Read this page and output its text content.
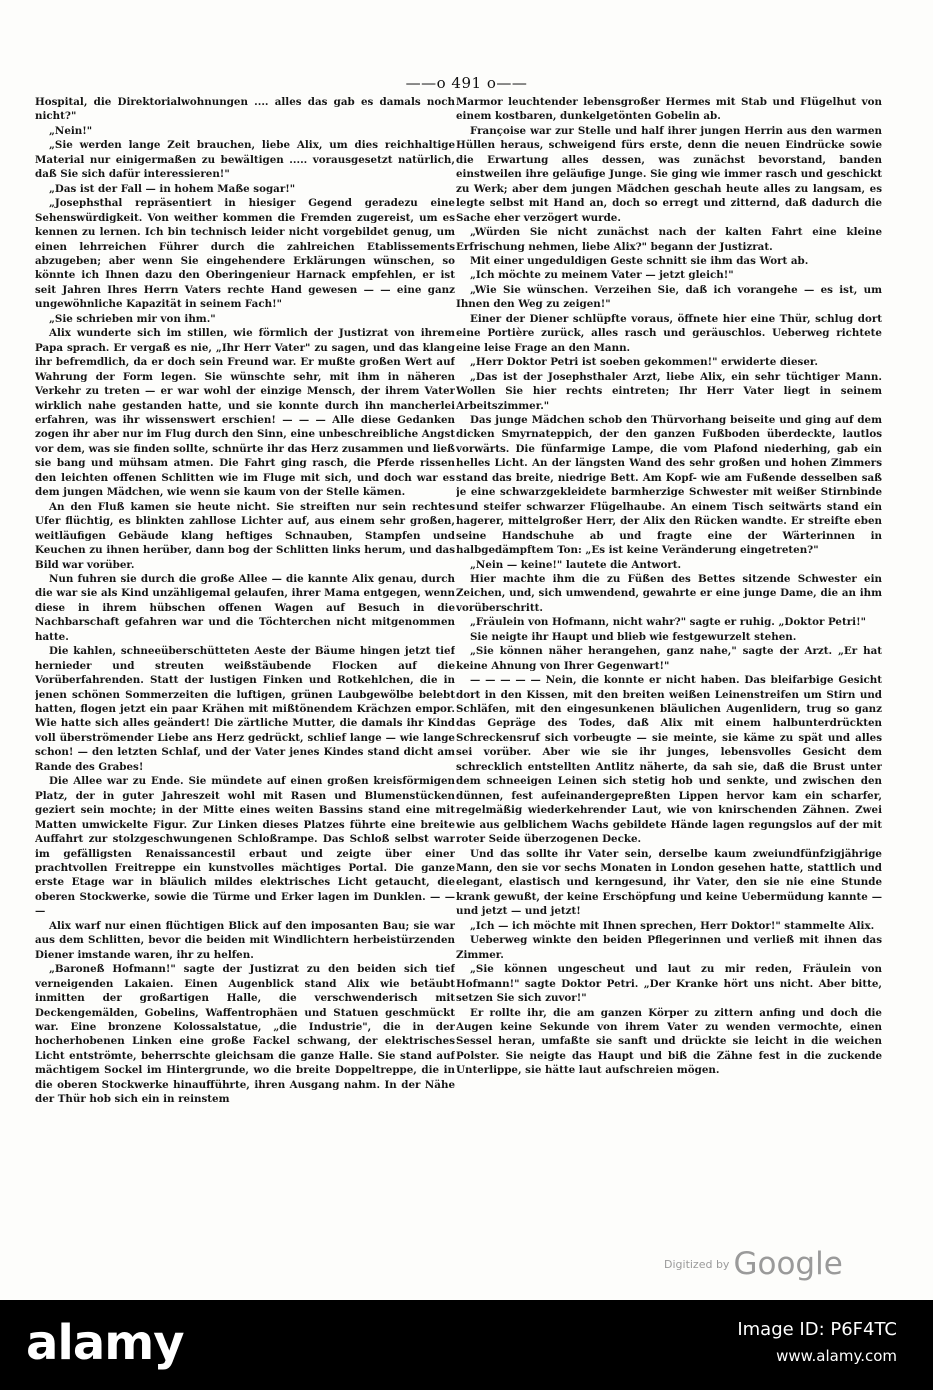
——o 491 o——

Hospital, die Direktorialwohnungen .... alles das gab es damals noch nicht?"

„Nein!"

„Sie werden lange Zeit brauchen, liebe Alix, um dies reichhaltige Material nur einigermaßen zu bewältigen ..... vorausgesetzt natürlich, daß Sie sich dafür interessieren!"

„Das ist der Fall — in hohem Maße sogar!"

„Josephsthal repräsentiert in hiesiger Gegend geradezu eine Sehenswürdigkeit. Von weither kommen die Fremden zugereist, um es kennen zu lernen. Ich bin technisch leider nicht vorgebildet genug, um einen lehrreichen Führer durch die zahlreichen Etablissements abzugeben; aber wenn Sie eingehendere Erklärungen wünschen, so könnte ich Ihnen dazu den Oberingenieur Harnack empfehlen, er ist seit Jahren Ihres Herrn Vaters rechte Hand gewesen — — eine ganz ungewöhnliche Kapazität in seinem Fach!"

„Sie schrieben mir von ihm."

Alix wunderte sich im stillen, wie förmlich der Justizrat von ihrem Papa sprach. Er vergaß es nie, „Ihr Herr Vater" zu sagen, und das klang ihr befremdlich, da er doch sein Freund war. Er mußte großen Wert auf Wahrung der Form legen. Sie wünschte sehr, mit ihm in näheren Verkehr zu treten — er war wohl der einzige Mensch, der ihrem Vater wirklich nahe gestanden hatte, und sie konnte durch ihn mancherlei erfahren, was ihr wissenswert erschien! — — — Alle diese Gedanken zogen ihr aber nur im Flug durch den Sinn, eine unbeschreibliche Angst vor dem, was sie finden sollte, schnürte ihr das Herz zusammen und ließ sie bang und mühsam atmen. Die Fahrt ging rasch, die Pferde rissen den leichten offenen Schlitten wie im Fluge mit sich, und doch war es dem jungen Mädchen, wie wenn sie kaum von der Stelle kämen.

An den Fluß kamen sie heute nicht. Sie streiften nur sein rechtes Ufer flüchtig, es blinkten zahllose Lichter auf, aus einem sehr großen, weitläufigen Gebäude klang heftiges Schnauben, Stampfen und Keuchen zu ihnen herüber, dann bog der Schlitten links herum, und das Bild war vorüber.

Nun fuhren sie durch die große Allee — die kannte Alix genau, durch die war sie als Kind unzähligemal gelaufen, ihrer Mama entgegen, wenn diese in ihrem hübschen offenen Wagen auf Besuch in die Nachbarschaft gefahren war und die Töchterchen nicht mitgenommen hatte.

Die kahlen, schneeüberschütteten Aeste der Bäume hingen jetzt tief hernieder und streuten weißstäubende Flocken auf die Vorüberfahrenden. Statt der lustigen Finken und Rotkehlchen, die in jenen schönen Sommerzeiten die luftigen, grünen Laubgewölbe belebt hatten, flogen jetzt ein paar Krähen mit mißtönendem Krächzen empor. Wie hatte sich alles geändert! Die zärtliche Mutter, die damals ihr Kind voll überströmender Liebe ans Herz gedrückt, schlief lange — wie lange schon! — den letzten Schlaf, und der Vater jenes Kindes stand dicht am Rande des Grabes!

Die Allee war zu Ende. Sie mündete auf einen großen kreisförmigen Platz, der in guter Jahreszeit wohl mit Rasen und Blumenstücken geziert sein mochte; in der Mitte eines weiten Bassins stand eine mit Matten umwickelte Figur. Zur Linken dieses Platzes führte eine breite Auffahrt zur stolzgeschwungenen Schloßrampe. Das Schloß selbst war im gefälligsten Renaissancestil erbaut und zeigte über einer prachtvollen Freitreppe ein kunstvolles mächtiges Portal. Die ganze erste Etage war in bläulich mildes elektrisches Licht getaucht, die oberen Stockwerke, sowie die Türme und Erker lagen im Dunklen. — — —

Alix warf nur einen flüchtigen Blick auf den imposanten Bau; sie war aus dem Schlitten, bevor die beiden mit Windlichtern herbeistürzenden Diener imstande waren, ihr zu helfen.

„Baroneß Hofmann!" sagte der Justizrat zu den beiden sich tief verneigenden Lakaien. Einen Augenblick stand Alix wie betäubt inmitten der großartigen Halle, die verschwenderisch mit Deckengemälden, Gobelins, Waffentrophäen und Statuen geschmückt war. Eine bronzene Kolossalstatue, „die Industrie", die in der hocherhobenen Linken eine große Fackel schwang, der elektrisches Licht entströmte, beherrschte gleichsam die ganze Halle. Sie stand auf mächtigem Sockel im Hintergrunde, wo die breite Doppeltreppe, die in die oberen Stockwerke hinaufführte, ihren Ausgang nahm. In der Nähe der Thür hob sich ein in reinstem

Marmor leuchtender lebensgroßer Hermes mit Stab und Flügelhut von einem kostbaren, dunkelgetönten Gobelin ab.

Françoise war zur Stelle und half ihrer jungen Herrin aus den warmen Hüllen heraus, schweigend fürs erste, denn die neuen Eindrücke sowie die Erwartung alles dessen, was zunächst bevorstand, banden einstweilen ihre geläufige Junge. Sie ging wie immer rasch und geschickt zu Werk; aber dem jungen Mädchen geschah heute alles zu langsam, es legte selbst mit Hand an, doch so erregt und zitternd, daß dadurch die Sache eher verzögert wurde.

„Würden Sie nicht zunächst nach der kalten Fahrt eine kleine Erfrischung nehmen, liebe Alix?" begann der Justizrat.

Mit einer ungeduldigen Geste schnitt sie ihm das Wort ab.

„Ich möchte zu meinem Vater — jetzt gleich!"

„Wie Sie wünschen. Verzeihen Sie, daß ich vorangehe — es ist, um Ihnen den Weg zu zeigen!"

Einer der Diener schlüpfte voraus, öffnete hier eine Thür, schlug dort eine Portière zurück, alles rasch und geräuschlos. Ueberweg richtete eine leise Frage an den Mann.

„Herr Doktor Petri ist soeben gekommen!" erwiderte dieser.

„Das ist der Josephsthaler Arzt, liebe Alix, ein sehr tüchtiger Mann. Wollen Sie hier rechts eintreten; Ihr Herr Vater liegt in seinem Arbeitszimmer."

Das junge Mädchen schob den Thürvorhang beiseite und ging auf dem dicken Smyrnateppich, der den ganzen Fußboden überdeckte, lautlos vorwärts. Die fünfarmige Lampe, die vom Plafond niederhing, gab ein helles Licht. An der längsten Wand des sehr großen und hohen Zimmers stand das breite, niedrige Bett. Am Kopf- wie am Fußende desselben saß je eine schwarzgekleidete barmherzige Schwester mit weißer Stirnbinde und steifer schwarzer Flügelhaube. An einem Tisch seitwärts stand ein hagerer, mittelgroßer Herr, der Alix den Rücken wandte. Er streifte eben seine Handschuhe ab und fragte eine der Wärterinnen in halbgedämpftem Ton: „Es ist keine Veränderung eingetreten?"

„Nein — keine!" lautete die Antwort.

Hier machte ihm die zu Füßen des Bettes sitzende Schwester ein Zeichen, und, sich umwendend, gewahrte er eine junge Dame, die an ihm vorüberschritt.

„Fräulein von Hofmann, nicht wahr?" sagte er ruhig. „Doktor Petri!"

Sie neigte ihr Haupt und blieb wie festgewurzelt stehen.

„Sie können näher herangehen, ganz nahe," sagte der Arzt. „Er hat keine Ahnung von Ihrer Gegenwart!"

— — — — — Nein, die konnte er nicht haben. Das bleifarbige Gesicht dort in den Kissen, mit den breiten weißen Leinenstreifen um Stirn und Schläfen, mit den eingesunkenen bläulichen Augenlidern, trug so ganz das Gepräge des Todes, daß Alix mit einem halbunterdrückten Schreckensruf sich vorbeugte — sie meinte, sie käme zu spät und alles sei vorüber. Aber wie sie ihr junges, lebensvolles Gesicht dem schrecklich entstellten Antlitz näherte, da sah sie, daß die Brust unter dem schneeigen Leinen sich stetig hob und senkte, und zwischen den dünnen, fest aufeinandergepreßten Lippen hervor kam ein scharfer, regelmäßig wiederkehrender Laut, wie von knirschenden Zähnen. Zwei wie aus gelblichem Wachs gebildete Hände lagen regungslos auf der mit roter Seide überzogenen Decke.

Und das sollte ihr Vater sein, derselbe kaum zweiundfünfzigjährige Mann, den sie vor sechs Monaten in London gesehen hatte, stattlich und elegant, elastisch und kerngesund, ihr Vater, den sie nie eine Stunde krank gewußt, der keine Erschöpfung und keine Uebermüdung kannte — und jetzt — und jetzt!

„Ich — ich möchte mit Ihnen sprechen, Herr Doktor!" stammelte Alix.

Ueberweg winkte den beiden Pflegerinnen und verließ mit ihnen das Zimmer.

„Sie können ungescheut und laut zu mir reden, Fräulein von Hofmann!" sagte Doktor Petri. „Der Kranke hört uns nicht. Aber bitte, setzen Sie sich zuvor!"

Er rollte ihr, die am ganzen Körper zu zittern anfing und doch die Augen keine Sekunde von ihrem Vater zu wenden vermochte, einen Sessel heran, umfaßte sie sanft und drückte sie leicht in die weichen Polster. Sie neigte das Haupt und biß die Zähne fest in die zuckende Unterlippe, sie hätte laut aufschreien mögen.

$^{Digitized by}$ Google
alamy	Image ID: P6F4TC
www.alamy.com
